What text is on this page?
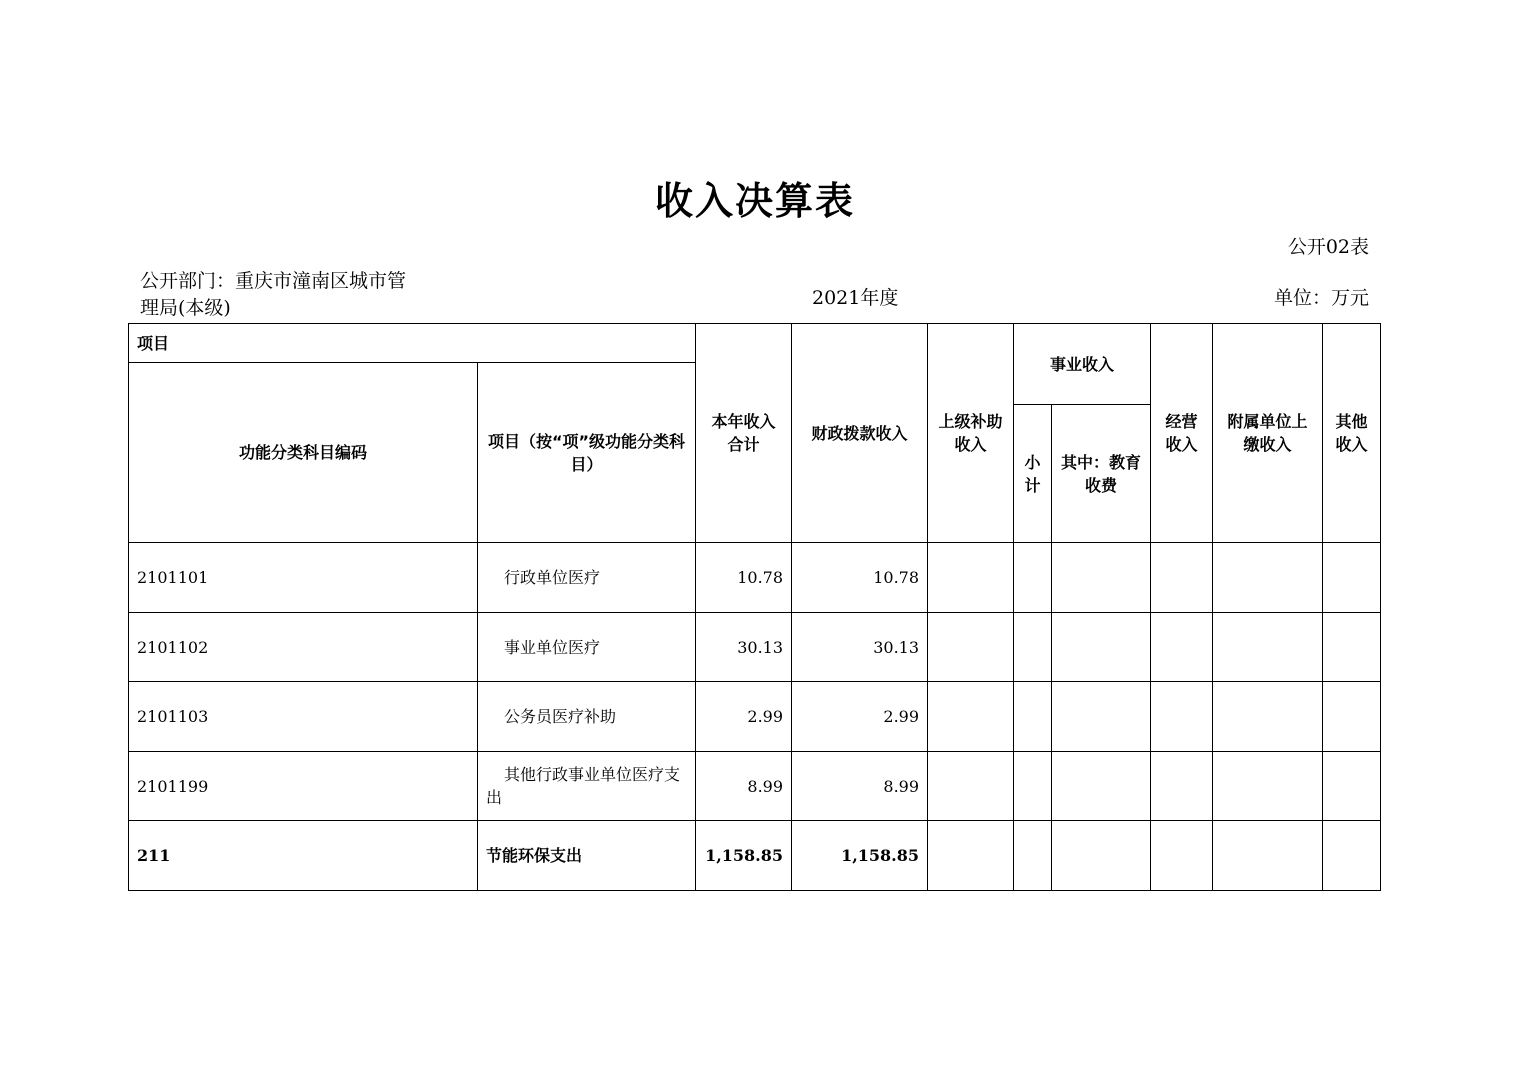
收入决算表
公开02表
公开部门：重庆市潼南区城市管理局(本级)	2021年度	单位：万元
项目		本年收入合计	财政拨款收入	上级补助收入	事业收入		经营收入	附属单位上缴收入	其他收入
功能分类科目编码	项目（按“项”级功能分类科目）								
					小计	其中：教育收费			
2101101	行政单位医疗	10.78	10.78						
2101102	事业单位医疗	30.13	30.13						
2101103	公务员医疗补助	2.99	2.99						
2101199	其他行政事业单位医疗支出	8.99	8.99						
211	节能环保支出	1,158.85	1,158.85						
